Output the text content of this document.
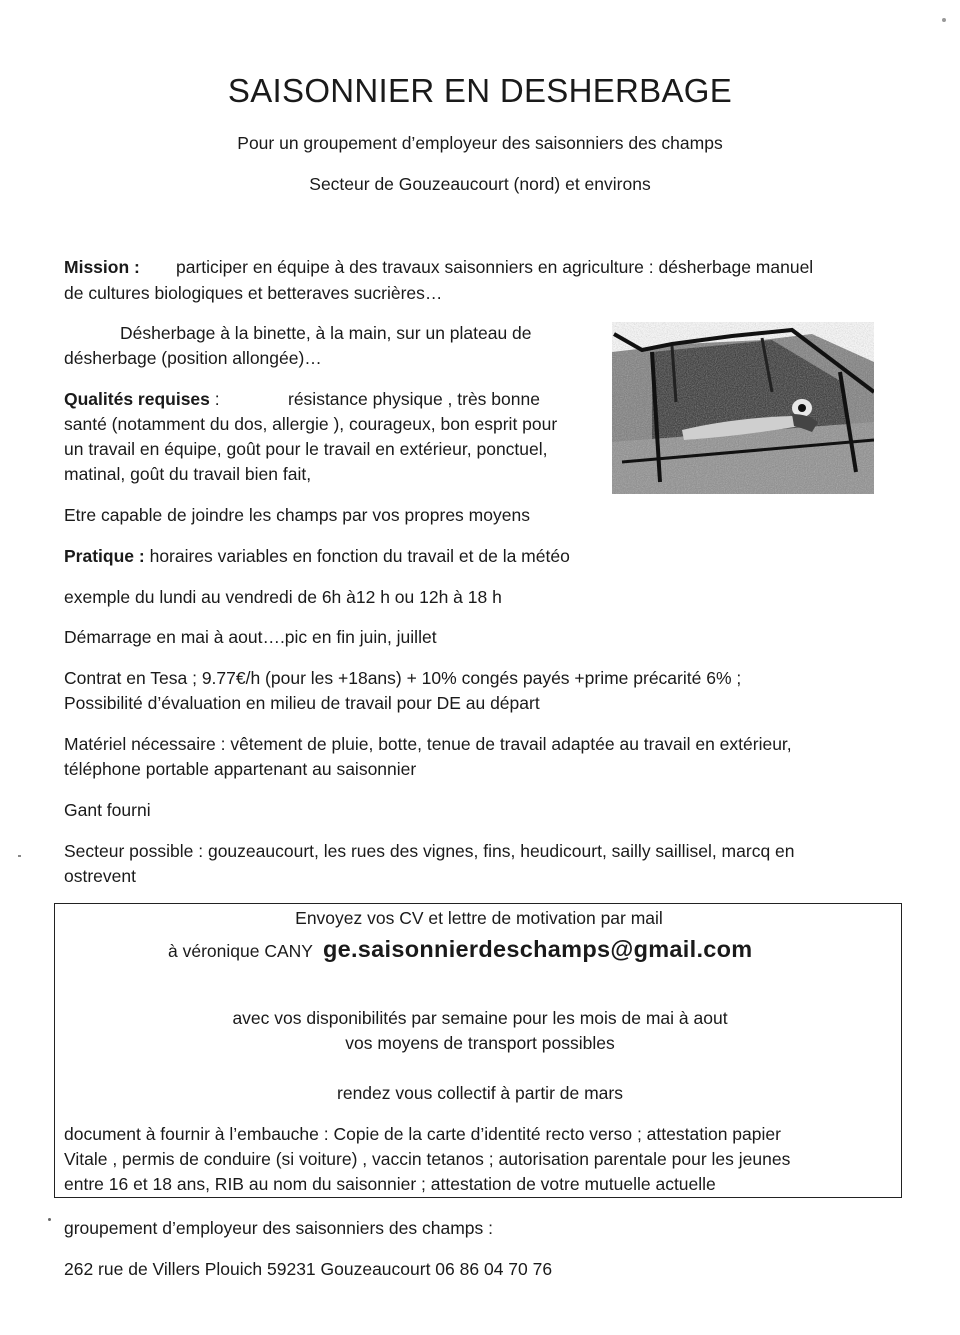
SAISONNIER EN DESHERBAGE
Pour un groupement d’employeur des saisonniers des champs
Secteur de Gouzeaucourt (nord) et environs
Mission : participer en équipe à des travaux saisonniers en agriculture : désherbage manuel
de cultures biologiques et betteraves sucrières…
Désherbage à la binette, à la main, sur un plateau de
désherbage (position allongée)…
Qualités requises :	résistance physique , très bonne
santé (notamment du dos, allergie ), courageux, bon esprit pour
un travail en équipe, goût pour le travail en extérieur, ponctuel,
matinal, goût du travail bien fait,
Etre capable de joindre les champs par vos propres moyens
Pratique : horaires variables en fonction du travail et de la météo
exemple du lundi au vendredi de 6h à12 h ou 12h à 18 h
Démarrage en mai à aout….pic en fin juin, juillet
Contrat en Tesa ; 9.77€/h (pour les +18ans) + 10% congés payés +prime précarité 6% ;
Possibilité d’évaluation en milieu de travail pour DE au départ
Matériel nécessaire : vêtement de pluie, botte, tenue de travail adaptée au travail en extérieur,
téléphone portable appartenant au saisonnier
Gant fourni
Secteur possible : gouzeaucourt, les rues des vignes, fins, heudicourt, sailly saillisel, marcq en
ostrevent
Envoyez vos CV et lettre de motivation par mail
à véronique CANY ge.saisonnierdeschamps@gmail.com
avec vos disponibilités par semaine pour les mois de mai à aout
vos moyens de transport possibles
rendez vous collectif à partir de mars
document à fournir à l’embauche : Copie de la carte d’identité recto verso ; attestation papier
Vitale , permis de conduire (si voiture) , vaccin tetanos ; autorisation parentale pour les jeunes
entre 16 et 18 ans, RIB au nom du saisonnier ; attestation de votre mutuelle actuelle
groupement d’employeur des saisonniers des champs :
262 rue de Villers Plouich 59231 Gouzeaucourt 06 86 04 70 76
